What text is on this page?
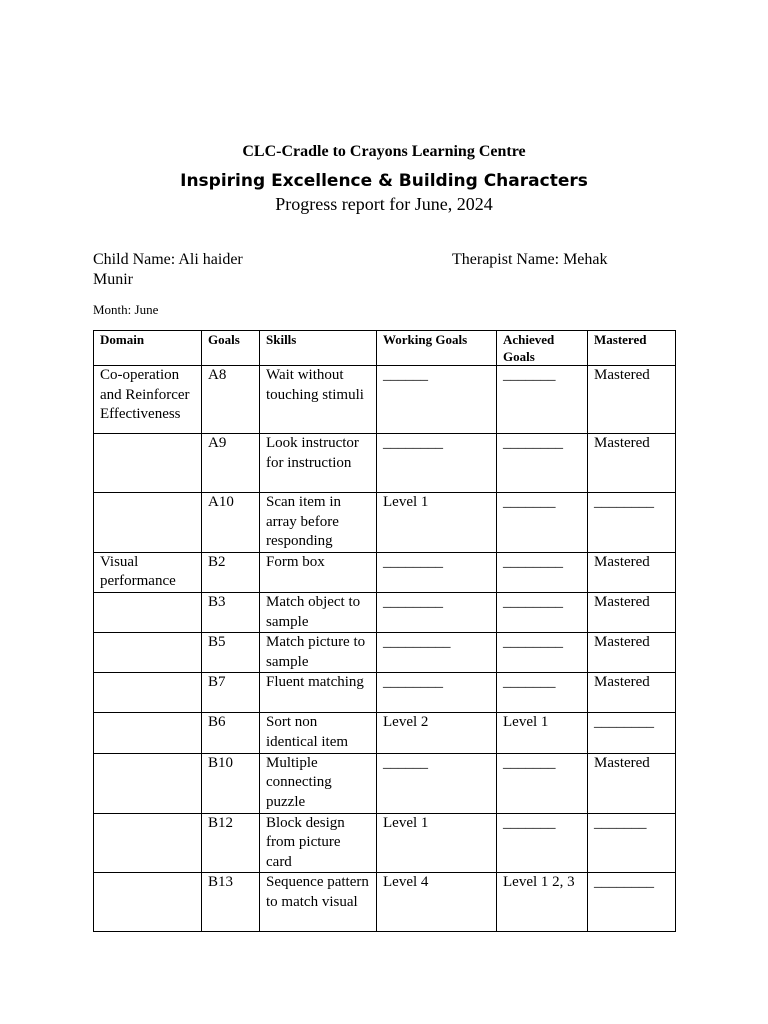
CLC-Cradle to Crayons Learning Centre
Inspiring Excellence & Building Characters
Progress report for June, 2024
Child Name: Ali haider
Munir
Therapist Name: Mehak
Month: June
Domain	Goals	Skills	Working Goals	Achieved Goals	Mastered
Co-operation and Reinforcer Effectiveness	A8	Wait without touching stimuli	______	_______	Mastered
	A9	Look instructor for instruction	________	________	Mastered
	A10	Scan item in array before responding	Level 1	_______	________
Visual performance	B2	Form box	________	________	Mastered
	B3	Match object to sample	________	________	Mastered
	B5	Match picture to sample	_________	________	Mastered
	B7	Fluent matching	________	_______	Mastered
	B6	Sort non identical item	Level 2	Level 1	________
	B10	Multiple connecting puzzle	______	_______	Mastered
	B12	Block design from picture card	Level 1	_______	_______
	B13	Sequence pattern to match visual	Level 4	Level 1 2, 3	________
